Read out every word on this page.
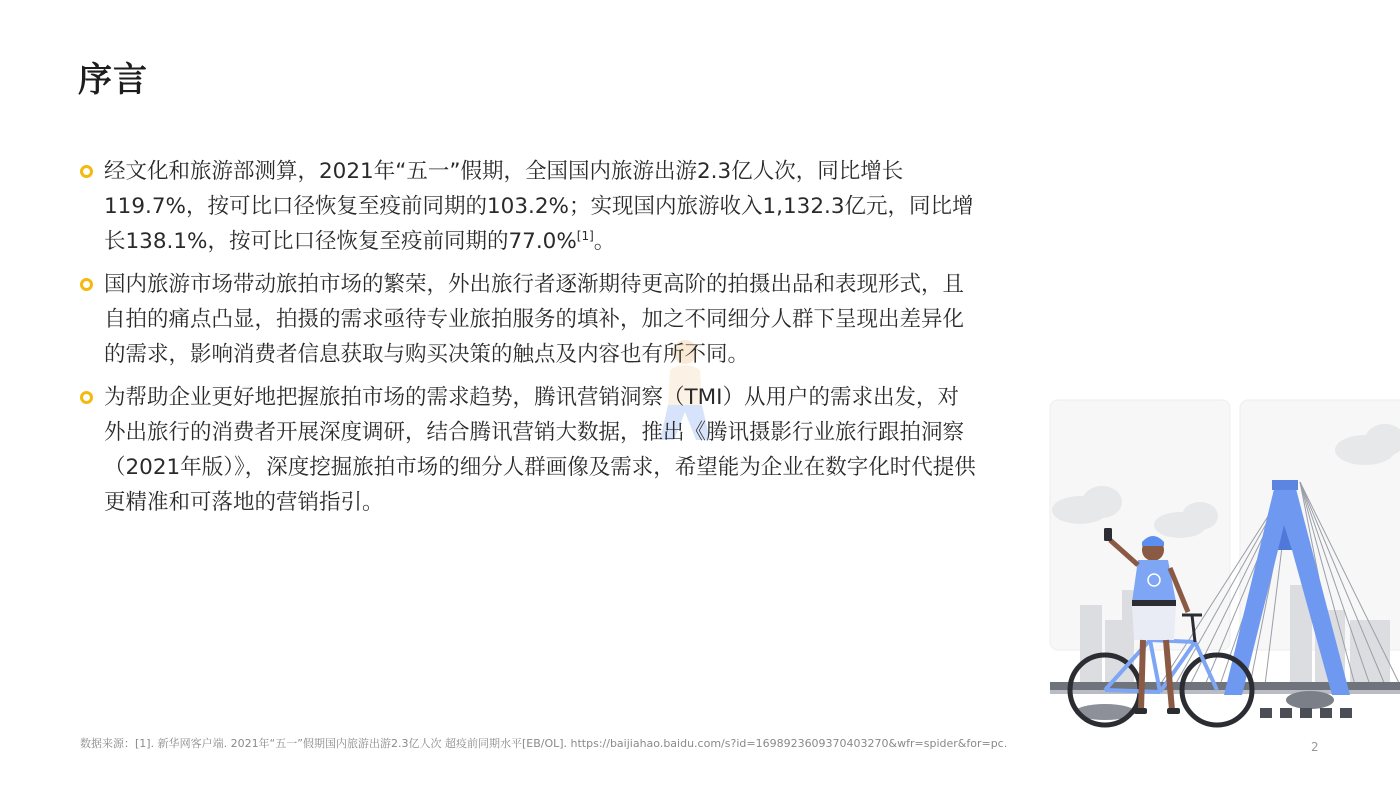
序言
经文化和旅游部测算，2021年“五一”假期，全国国内旅游出游2.3亿人次，同比增长119.7%，按可比口径恢复至疫前同期的103.2%；实现国内旅游收入1,132.3亿元，同比增长138.1%，按可比口径恢复至疫前同期的77.0%[1]。
国内旅游市场带动旅拍市场的繁荣，外出旅行者逐渐期待更高阶的拍摄出品和表现形式，且自拍的痛点凸显，拍摄的需求亟待专业旅拍服务的填补，加之不同细分人群下呈现出差异化的需求，影响消费者信息获取与购买决策的触点及内容也有所不同。
为帮助企业更好地把握旅拍市场的需求趋势，腾讯营销洞察（TMI）从用户的需求出发，对外出旅行的消费者开展深度调研，结合腾讯营销大数据，推出《腾讯摄影行业旅行跟拍洞察（2021年版）》，深度挖掘旅拍市场的细分人群画像及需求，希望能为企业在数字化时代提供更精准和可落地的营销指引。
数据来源：[1]. 新华网客户端. 2021年“五一”假期国内旅游出游2.3亿人次 超疫前同期水平[EB/OL]. https://baijiahao.baidu.com/s?id=1698923609370403270&wfr=spider&for=pc.	2
